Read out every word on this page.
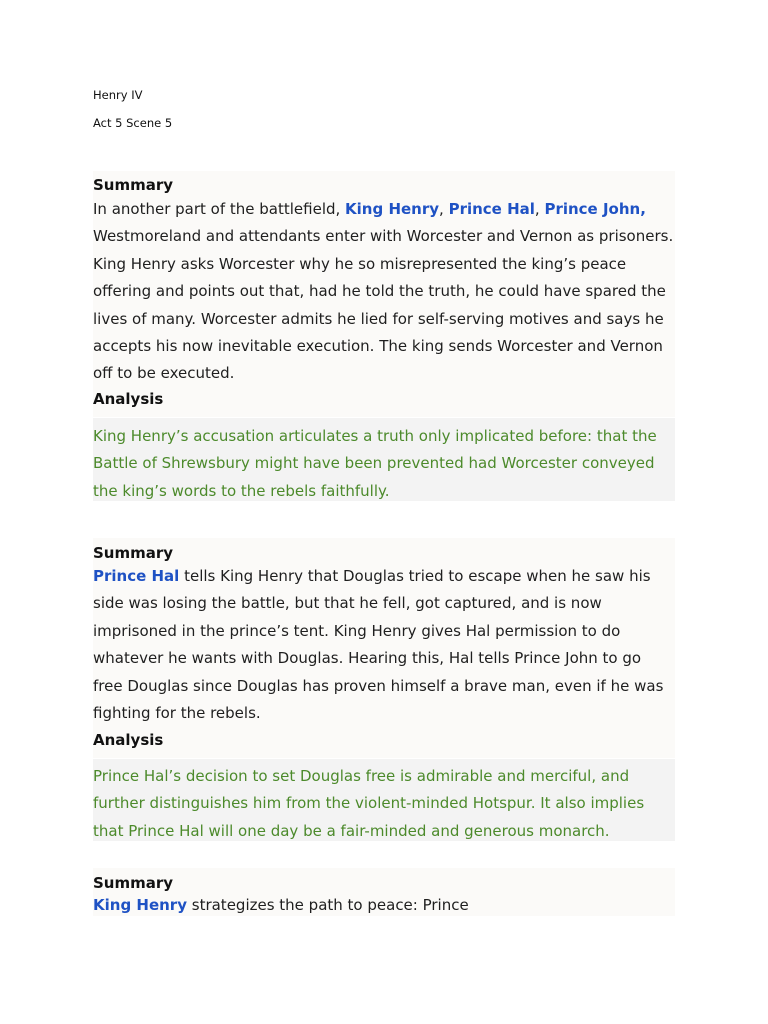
Henry IV
Act 5 Scene 5
Summary
In another part of the battlefield, King Henry, Prince Hal, Prince John, Westmoreland and attendants enter with Worcester and Vernon as prisoners. King Henry asks Worcester why he so misrepresented the king’s peace offering and points out that, had he told the truth, he could have spared the lives of many. Worcester admits he lied for self-serving motives and says he accepts his now inevitable execution. The king sends Worcester and Vernon off to be executed.
Analysis
King Henry’s accusation articulates a truth only implicated before: that the Battle of Shrewsbury might have been prevented had Worcester conveyed the king’s words to the rebels faithfully.
Summary
Prince Hal tells King Henry that Douglas tried to escape when he saw his side was losing the battle, but that he fell, got captured, and is now imprisoned in the prince’s tent. King Henry gives Hal permission to do whatever he wants with Douglas. Hearing this, Hal tells Prince John to go free Douglas since Douglas has proven himself a brave man, even if he was fighting for the rebels.
Analysis
Prince Hal’s decision to set Douglas free is admirable and merciful, and further distinguishes him from the violent-minded Hotspur. It also implies that Prince Hal will one day be a fair-minded and generous monarch.
Summary
King Henry strategizes the path to peace: Prince
